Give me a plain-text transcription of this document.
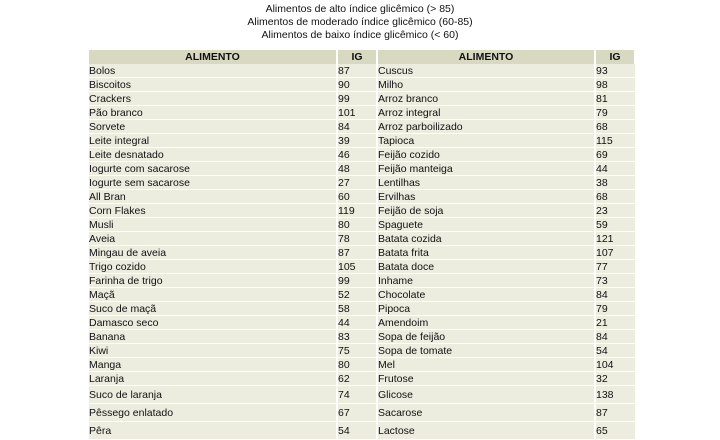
Alimentos de alto índice glicêmico (> 85)
Alimentos de moderado índice glicêmico (60-85)
Alimentos de baixo índice glicêmico (< 60)
ALIMENTO	IG	ALIMENTO	IG
Bolos	87	Cuscus	93
Biscoitos	90	Milho	98
Crackers	99	Arroz branco	81
Pão branco	101	Arroz integral	79
Sorvete	84	Arroz parboilizado	68
Leite integral	39	Tapioca	115
Leite desnatado	46	Feijão cozido	69
Iogurte com sacarose	48	Feijão manteiga	44
Iogurte sem sacarose	27	Lentilhas	38
All Bran	60	Ervilhas	68
Corn Flakes	119	Feijão de soja	23
Musli	80	Spaguete	59
Aveia	78	Batata cozida	121
Mingau de aveia	87	Batata frita	107
Trigo cozido	105	Batata doce	77
Farinha de trigo	99	Inhame	73
Maçã	52	Chocolate	84
Suco de maçã	58	Pipoca	79
Damasco seco	44	Amendoim	21
Banana	83	Sopa de feijão	84
Kiwi	75	Sopa de tomate	54
Manga	80	Mel	104
Laranja	62	Frutose	32
Suco de laranja	74	Glicose	138
Pêssego enlatado	67	Sacarose	87
Pêra	54	Lactose	65
